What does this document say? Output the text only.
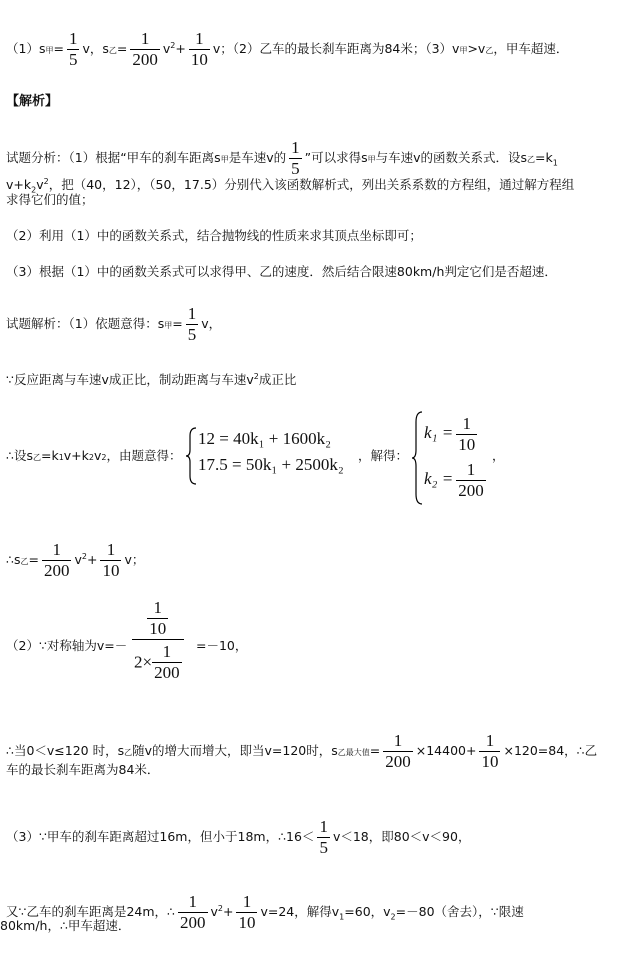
（1）s甲= $\frac{1}{5}$ v，s乙= $\frac{1}{200} v^2+ \frac{1}{10}$ v；（2）乙车的最长刹车距离为84米；（3）v甲>v乙，甲车超速．
【解析】
试题分析：（1）根据“甲车的刹车距离s甲是车速v的 $\frac{1}{5}$ ”可以求得s甲与车速v的函数关系式．设s乙$=k_1$
$v+k_2v^2$，把（40，12），（50，17.5）分别代入该函数解析式，列出关系系数的方程组，通过解方程组
求得它们的值；
（2）利用（1）中的函数关系式，结合抛物线的性质来求其顶点坐标即可；
（3）根据（1）中的函数关系式可以求得甲、乙的速度．然后结合限速80km/h判定它们是否超速．
试题解析：（1）依题意得：s甲= $\frac{1}{5}$ v，
∵反应距离与车速v成正比，制动距离与车速$v^2$成正比
∴设s乙=k1v+k2v2，由题意得：
12 = 40k₁ + 1600k₂
17.5 = 50k₁ + 2500k₂ ，解得：
$k_1 = \frac{1}{10}$
$k_2 = \frac{1}{200}$
，
∴s乙= $\frac{1}{200} v^2+ \frac{1}{10}$ v；
（2）∵对称轴为$v=- \frac{\frac{1}{10}}{2\times \frac{1}{200}} =-10$，
∴当0＜v≤120 时，s乙随v的增大而增大，即当v=120时，s乙最大值= $\frac{1}{200} \times 14400+ \frac{1}{10} \times 120=84$，∴乙
车的最长刹车距离为84米．
（3）∵甲车的刹车距离超过16m，但小于18m，∴16＜ $\frac{1}{5} v<18$，即80＜v＜90，
又∵乙车的刹车距离是24m，∴ $\frac{1}{200} v^2+ \frac{1}{10} v=24$，解得$v_1=60$，$v_2=-80$（舍去），∵限速
80km/h，∴甲车超速．
